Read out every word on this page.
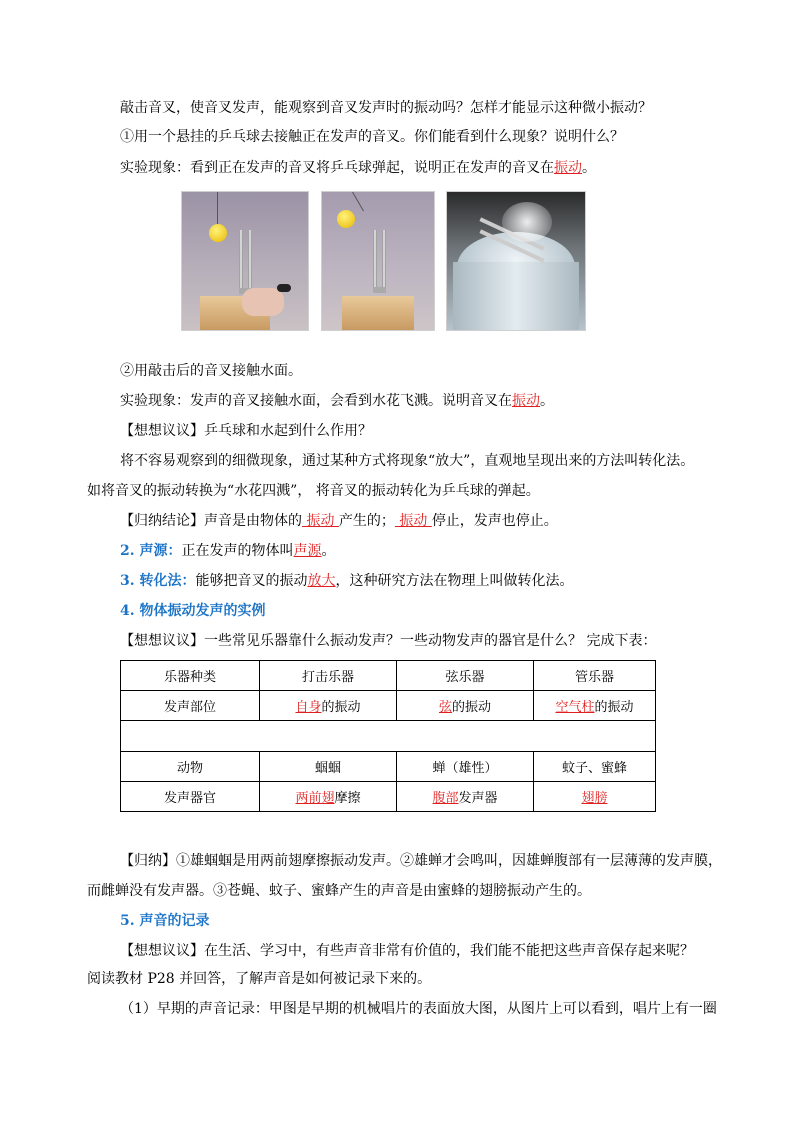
敲击音叉，使音叉发声，能观察到音叉发声时的振动吗？怎样才能显示这种微小振动？
①用一个悬挂的乒乓球去接触正在发声的音叉。你们能看到什么现象？说明什么？
实验现象：看到正在发声的音叉将乒乓球弹起，说明正在发声的音叉在振动。
②用敲击后的音叉接触水面。
实验现象：发声的音叉接触水面，会看到水花飞溅。说明音叉在振动。
【想想议议】乒乓球和水起到什么作用？
将不容易观察到的细微现象，通过某种方式将现象“放大”，直观地呈现出来的方法叫转化法。
如将音叉的振动转换为“水花四溅”， 将音叉的振动转化为乒乓球的弹起。
【归纳结论】声音是由物体的 振动 产生的； 振动 停止，发声也停止。
2. 声源：正在发声的物体叫声源。
3. 转化法：能够把音叉的振动放大，这种研究方法在物理上叫做转化法。
4. 物体振动发声的实例
【想想议议】一些常见乐器靠什么振动发声？一些动物发声的器官是什么？ 完成下表：
乐器种类	打击乐器	弦乐器	管乐器
发声部位	自身的振动	弦的振动	空气柱的振动

动物	蝈蝈	蝉（雄性）	蚊子、蜜蜂
发声器官	两前翅摩擦	腹部发声器	翅膀
【归纳】①雄蝈蝈是用两前翅摩擦振动发声。②雄蝉才会鸣叫，因雄蝉腹部有一层薄薄的发声膜，
而雌蝉没有发声器。③苍蝇、蚊子、蜜蜂产生的声音是由蜜蜂的翅膀振动产生的。
5. 声音的记录
【想想议议】在生活、学习中，有些声音非常有价值的，我们能不能把这些声音保存起来呢？
阅读教材 P28 并回答，了解声音是如何被记录下来的。
（1）早期的声音记录：甲图是早期的机械唱片的表面放大图，从图片上可以看到，唱片上有一圈
